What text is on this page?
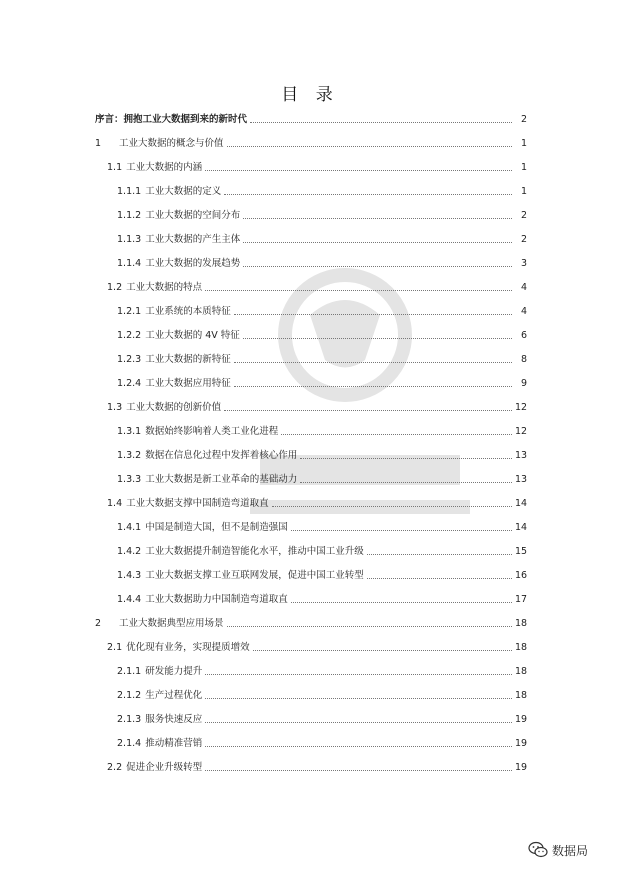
目 录
序言：拥抱工业大数据到来的新时代	2
1	工业大数据的概念与价值	1
1.1 工业大数据的内涵	1
1.1.1 工业大数据的定义	1
1.1.2 工业大数据的空间分布	2
1.1.3 工业大数据的产生主体	2
1.1.4 工业大数据的发展趋势	3
1.2 工业大数据的特点	4
1.2.1 工业系统的本质特征	4
1.2.2 工业大数据的 4V 特征	6
1.2.3 工业大数据的新特征	8
1.2.4 工业大数据应用特征	9
1.3 工业大数据的创新价值	12
1.3.1 数据始终影响着人类工业化进程	12
1.3.2 数据在信息化过程中发挥着核心作用	13
1.3.3 工业大数据是新工业革命的基础动力	13
1.4 工业大数据支撑中国制造弯道取直	14
1.4.1 中国是制造大国，但不是制造强国	14
1.4.2 工业大数据提升制造智能化水平，推动中国工业升级	15
1.4.3 工业大数据支撑工业互联网发展，促进中国工业转型	16
1.4.4 工业大数据助力中国制造弯道取直	17
2	工业大数据典型应用场景	18
2.1 优化现有业务，实现提质增效	18
2.1.1 研发能力提升	18
2.1.2 生产过程优化	18
2.1.3 服务快速反应	19
2.1.4 推动精准营销	19
2.2 促进企业升级转型	19
数据局
